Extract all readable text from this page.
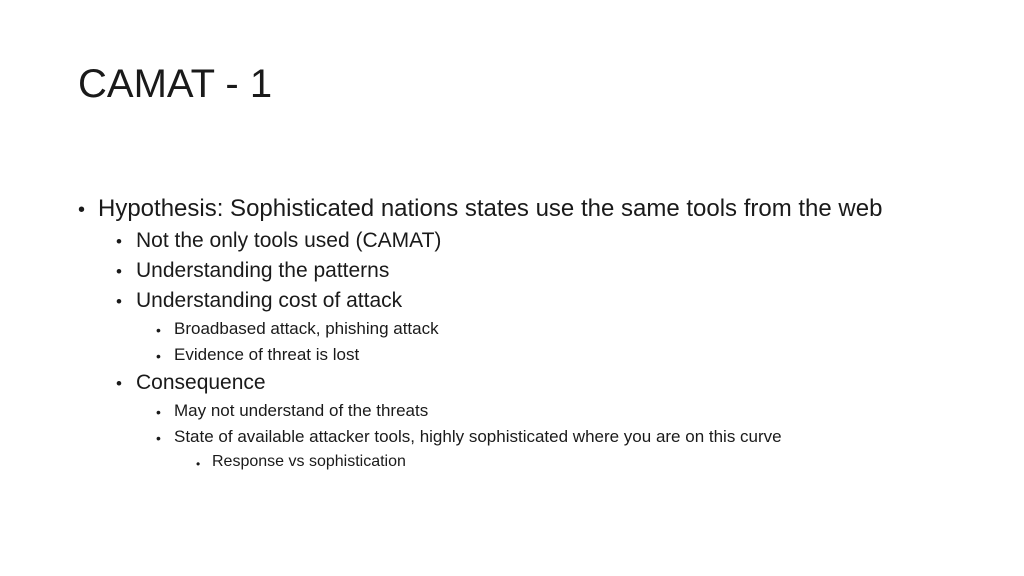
CAMAT - 1
• Hypothesis: Sophisticated nations states use the same tools from the web
• Not the only tools used (CAMAT)
• Understanding the patterns
• Understanding cost of attack
• Broadbased attack, phishing attack
• Evidence of threat is lost
• Consequence
• May not understand of the threats
• State of available attacker tools, highly sophisticated where you are on this curve
• Response vs sophistication
